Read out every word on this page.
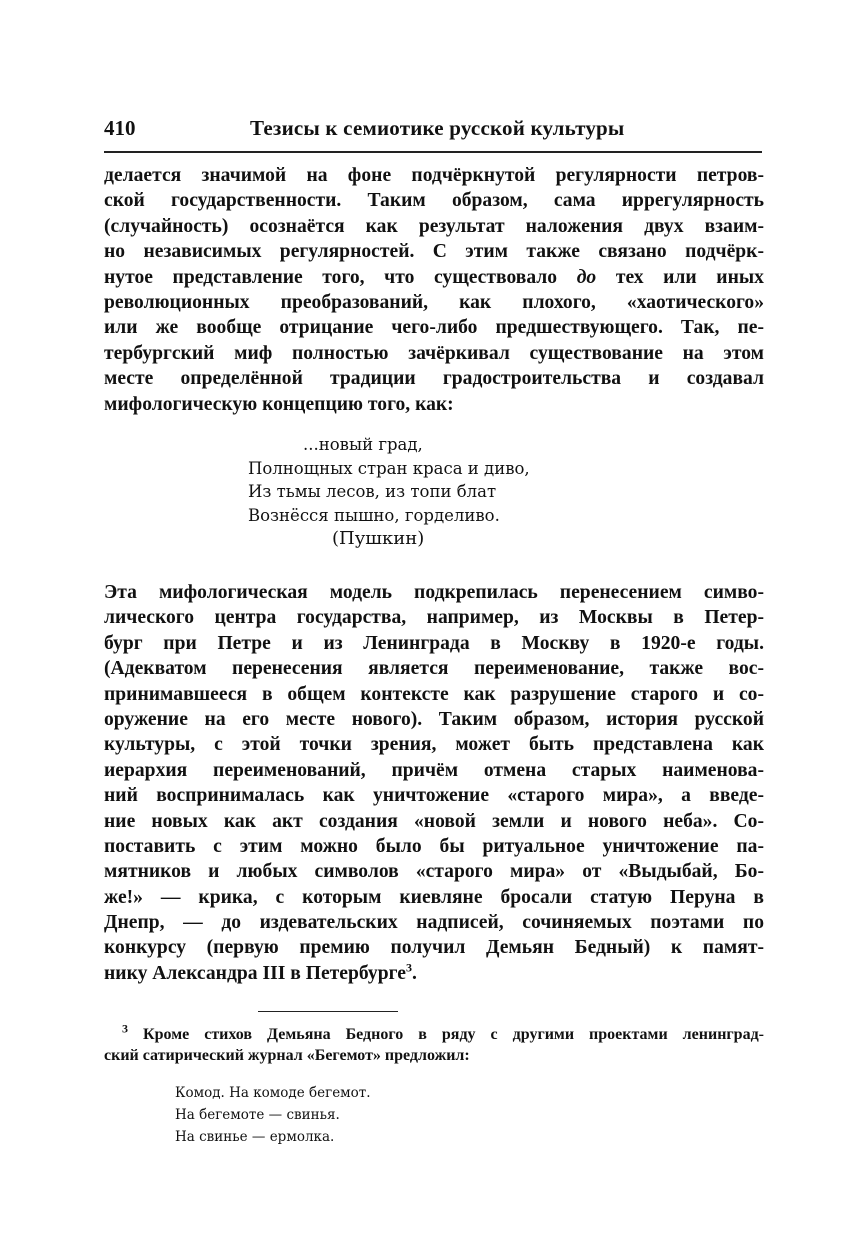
410	Тезисы к семиотике русской культуры
делается значимой на фоне подчёркнутой регулярности петров-
ской государственности. Таким образом, сама иррегулярность
(случайность) осознаётся как результат наложения двух взаим-
но независимых регулярностей. С этим также связано подчёрк-
нутое представление того, что существовало до тех или иных
революционных преобразований, как плохого, «хаотического»
или же вообще отрицание чего-либо предшествующего. Так, пе-
тербургский миф полностью зачёркивал существование на этом
месте определённой традиции градостроительства и создавал
мифологическую концепцию того, как:
...новый град,
Полнощных стран краса и диво,
Из тьмы лесов, из топи блат
Вознёсся пышно, горделиво.
(Пушкин)
Эта мифологическая модель подкрепилась перенесением симво-
лического центра государства, например, из Москвы в Петер-
бург при Петре и из Ленинграда в Москву в 1920-е годы.
(Адекватом перенесения является переименование, также вос-
принимавшееся в общем контексте как разрушение старого и со-
оружение на его месте нового). Таким образом, история русской
культуры, с этой точки зрения, может быть представлена как
иерархия переименований, причём отмена старых наименова-
ний воспринималась как уничтожение «старого мира», а введе-
ние новых как акт создания «новой земли и нового неба». Со-
поставить с этим можно было бы ритуальное уничтожение па-
мятников и любых символов «старого мира» от «Выдыбай, Бо-
же!» — крика, с которым киевляне бросали статую Перуна в
Днепр, — до издевательских надписей, сочиняемых поэтами по
конкурсу (первую премию получил Демьян Бедный) к памят-
нику Александра III в Петербурге$^3$.
$^3$ Кроме стихов Демьяна Бедного в ряду с другими проектами ленинград-
ский сатирический журнал «Бегемот» предложил:
Комод. На комоде бегемот.
На бегемоте — свинья.
На свинье — ермолка.
